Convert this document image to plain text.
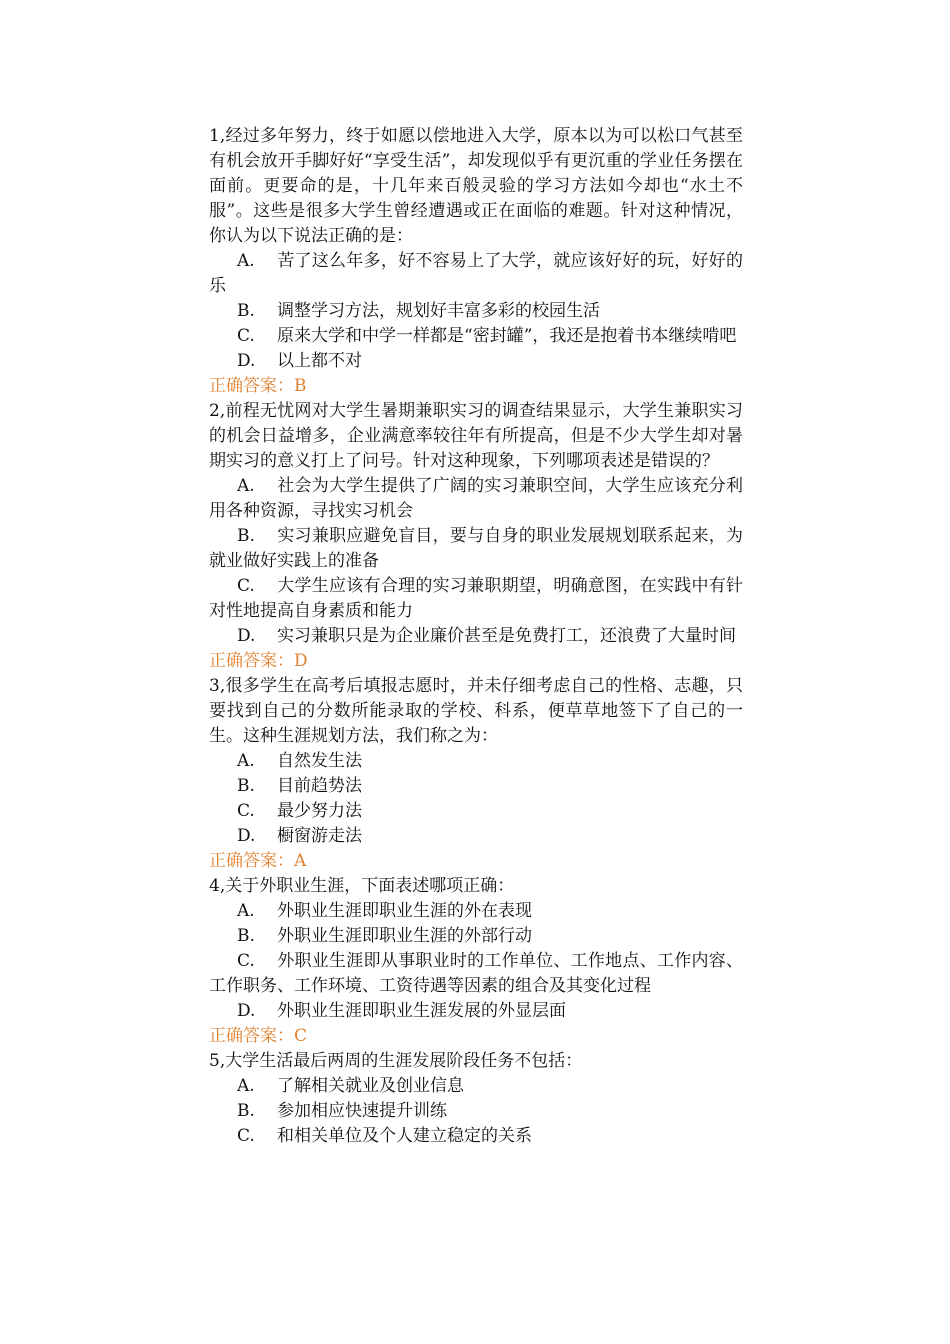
1,经过多年努力，终于如愿以偿地进入大学，原本以为可以松口气甚至有机会放开手脚好好“享受生活”，却发现似乎有更沉重的学业任务摆在面前。更要命的是，十几年来百般灵验的学习方法如今却也“水土不服”。这些是很多大学生曾经遭遇或正在面临的难题。针对这种情况，你认为以下说法正确的是：

A. 苦了这么年多，好不容易上了大学，就应该好好的玩，好好的乐

B. 调整学习方法，规划好丰富多彩的校园生活

C. 原来大学和中学一样都是“密封罐”，我还是抱着书本继续啃吧

D. 以上都不对

正确答案：B

2,前程无忧网对大学生暑期兼职实习的调查结果显示，大学生兼职实习的机会日益增多，企业满意率较往年有所提高，但是不少大学生却对暑期实习的意义打上了问号。针对这种现象，下列哪项表述是错误的？

A. 社会为大学生提供了广阔的实习兼职空间，大学生应该充分利用各种资源，寻找实习机会

B. 实习兼职应避免盲目，要与自身的职业发展规划联系起来，为就业做好实践上的准备

C. 大学生应该有合理的实习兼职期望，明确意图，在实践中有针对性地提高自身素质和能力

D. 实习兼职只是为企业廉价甚至是免费打工，还浪费了大量时间

正确答案：D

3,很多学生在高考后填报志愿时，并未仔细考虑自己的性格、志趣，只要找到自己的分数所能录取的学校、科系，便草草地签下了自己的一生。这种生涯规划方法，我们称之为：

A. 自然发生法

B. 目前趋势法

C. 最少努力法

D. 橱窗游走法

正确答案：A

4,关于外职业生涯，下面表述哪项正确：

A. 外职业生涯即职业生涯的外在表现

B. 外职业生涯即职业生涯的外部行动

C. 外职业生涯即从事职业时的工作单位、工作地点、工作内容、工作职务、工作环境、工资待遇等因素的组合及其变化过程

D. 外职业生涯即职业生涯发展的外显层面

正确答案：C

5,大学生活最后两周的生涯发展阶段任务不包括：

A. 了解相关就业及创业信息

B. 参加相应快速提升训练

C. 和相关单位及个人建立稳定的关系
